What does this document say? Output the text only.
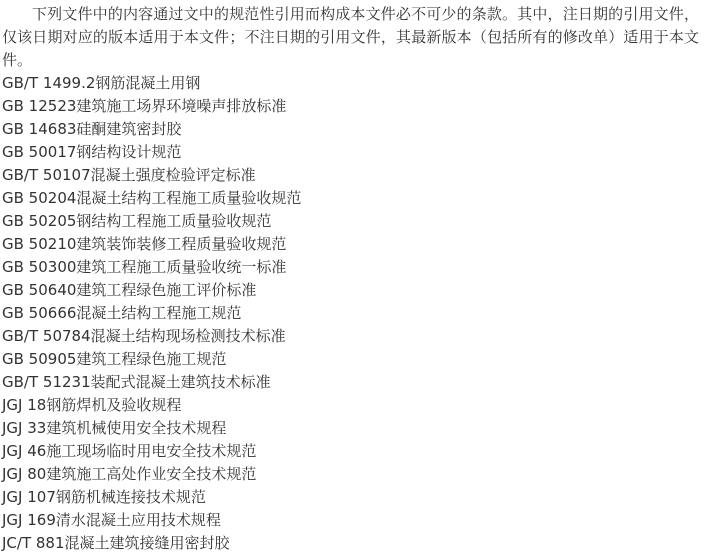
下列文件中的内容通过文中的规范性引用而构成本文件必不可少的条款。其中，注日期的引用文件，仅该日期对应的版本适用于本文件；不注日期的引用文件，其最新版本（包括所有的修改单）适用于本文件。

GB/T 1499.2钢筋混凝土用钢

GB 12523建筑施工场界环境噪声排放标准

GB 14683硅酮建筑密封胶

GB 50017钢结构设计规范

GB/T 50107混凝土强度检验评定标准

GB 50204混凝土结构工程施工质量验收规范

GB 50205钢结构工程施工质量验收规范

GB 50210建筑装饰装修工程质量验收规范

GB 50300建筑工程施工质量验收统一标准

GB 50640建筑工程绿色施工评价标准

GB 50666混凝土结构工程施工规范

GB/T 50784混凝土结构现场检测技术标准

GB 50905建筑工程绿色施工规范

GB/T 51231装配式混凝土建筑技术标准

JGJ 18钢筋焊机及验收规程

JGJ 33建筑机械使用安全技术规程

JGJ 46施工现场临时用电安全技术规范

JGJ 80建筑施工高处作业安全技术规范

JGJ 107钢筋机械连接技术规范

JGJ 169清水混凝土应用技术规程

JC/T 881混凝土建筑接缝用密封胶
